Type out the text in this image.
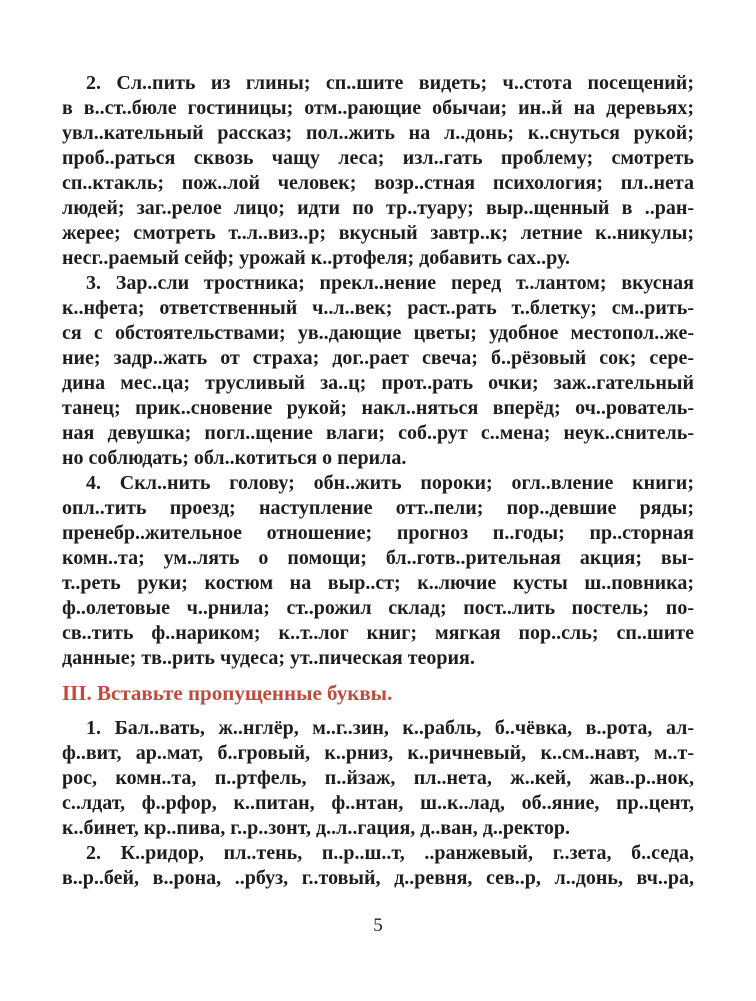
2. Сл..пить из глины; сп..шите видеть; ч..стота посещений;
в в..ст..бюле гостиницы; отм..рающие обычаи; ин..й на деревьях;
увл..кательный рассказ; пол..жить на л..донь; к..снуться рукой;
проб..раться сквозь чащу леса; изл..гать проблему; смотреть
сп..ктакль; пож..лой человек; возр..стная психология; пл..нета
людей; заг..релое лицо; идти по тр..туару; выр..щенный в ..ран-
жерее; смотреть т..л..виз..р; вкусный завтр..к; летние к..никулы;
несг..раемый сейф; урожай к..ртофеля; добавить сах..ру.
3. Зар..сли тростника; прекл..нение перед т..лантом; вкусная
к..нфета; ответственный ч..л..век; раст..рать т..блетку; см..рить-
ся с обстоятельствами; ув..дающие цветы; удобное местопол..же-
ние; задр..жать от страха; дог..рает свеча; б..рёзовый сок; сере-
дина мес..ца; трусливый за..ц; прот..рать очки; заж..гательный
танец; прик..сновение рукой; накл..няться вперёд; оч..рователь-
ная девушка; погл..щение влаги; соб..рут с..мена; неук..снитель-
но соблюдать; обл..котиться о перила.
4. Скл..нить голову; обн..жить пороки; огл..вление книги;
опл..тить проезд; наступление отт..пели; пор..девшие ряды;
пренебр..жительное отношение; прогноз п..годы; пр..сторная
комн..та; ум..лять о помощи; бл..готв..рительная акция; вы-
т..реть руки; костюм на выр..ст; к..лючие кусты ш..повника;
ф..олетовые ч..рнила; ст..рожил склад; пост..лить постель; по-
св..тить ф..нариком; к..т..лог книг; мягкая пор..сль; сп..шите
данные; тв..рить чудеса; ут..пическая теория.
III. Вставьте пропущенные буквы.
1. Бал..вать, ж..нглёр, м..г..зин, к..рабль, б..чёвка, в..рота, ал-
ф..вит, ар..мат, б..гровый, к..рниз, к..ричневый, к..см..навт, м..т-
рос, комн..та, п..ртфель, п..йзаж, пл..нета, ж..кей, жав..р..нок,
с..лдат, ф..рфор, к..питан, ф..нтан, ш..к..лад, об..яние, пр..цент,
к..бинет, кр..пива, г..р..зонт, д..л..гация, д..ван, д..ректор.
2. К..ридор, пл..тень, п..р..ш..т, ..ранжевый, г..зета, б..седа,
в..р..бей, в..рона, ..рбуз, г..товый, д..ревня, сев..р, л..донь, вч..ра,
5
